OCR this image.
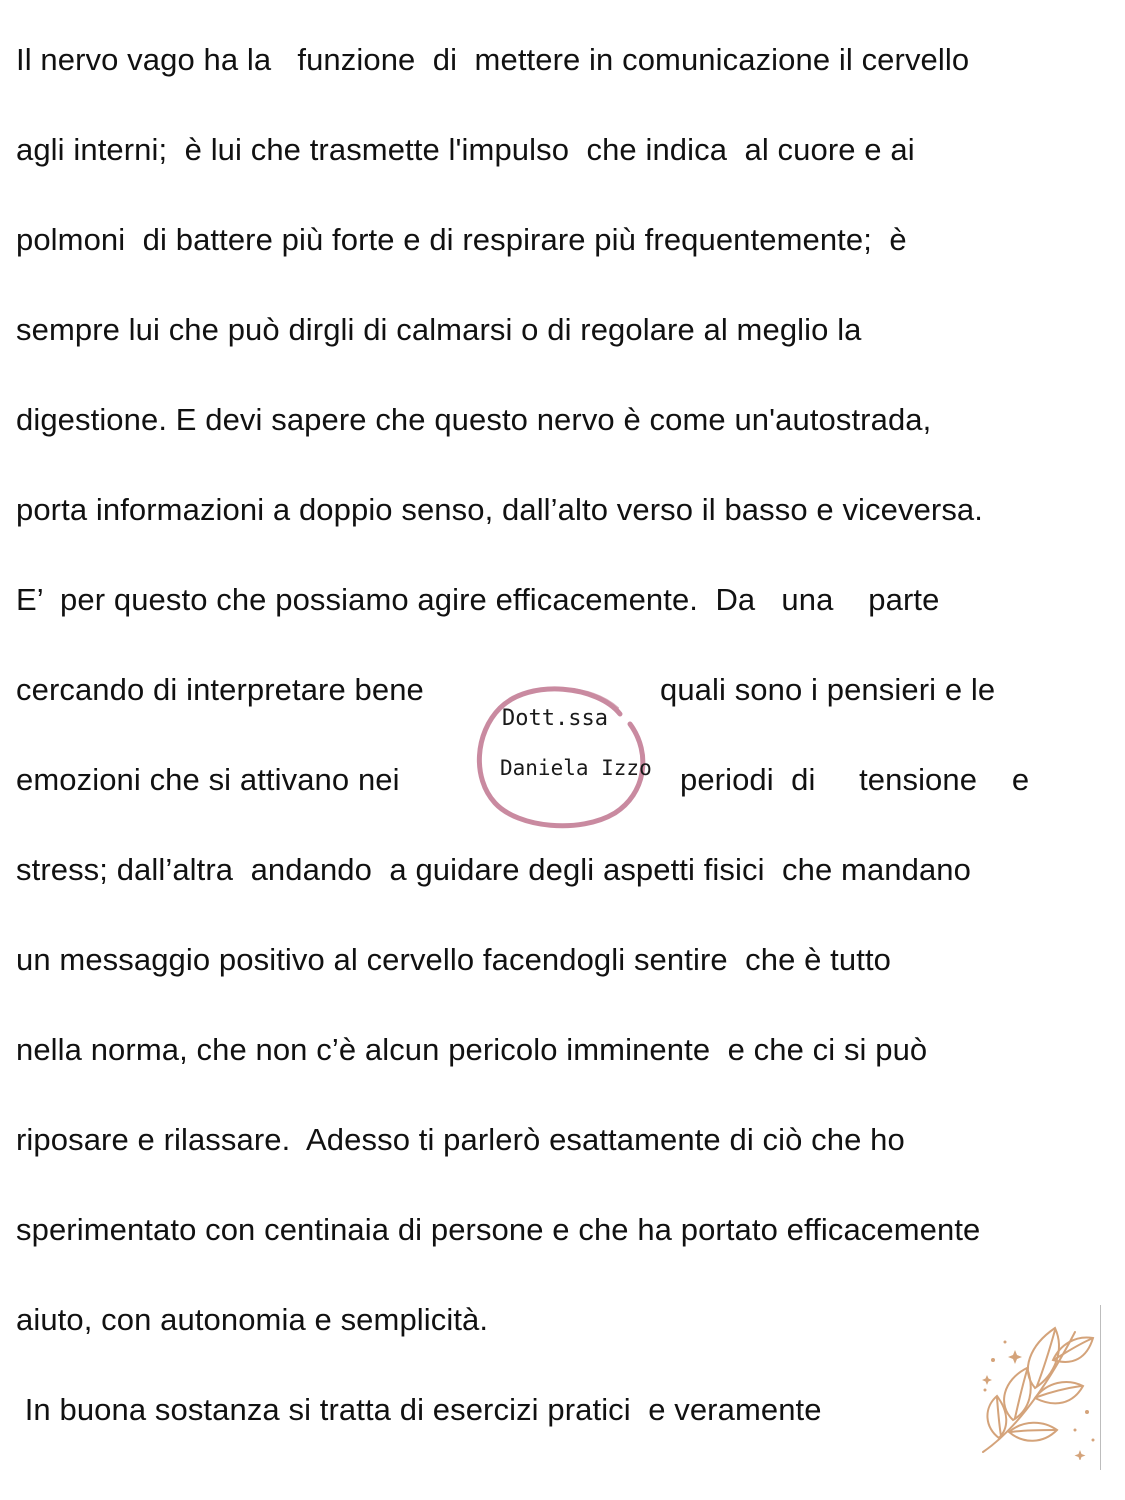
Il nervo vago ha la   funzione  di  mettere in comunicazione il cervello
agli interni;  è lui che trasmette l'impulso  che indica  al cuore e ai
polmoni  di battere più forte e di respirare più frequentemente;  è
sempre lui che può dirgli di calmarsi o di regolare al meglio la
digestione. E devi sapere che questo nervo è come un'autostrada,
porta informazioni a doppio senso, dall’alto verso il basso e viceversa.
E’  per questo che possiamo agire efficacemente.  Da   una    parte
cercando di interpretare bene	quali sono i pensieri e le
emozioni che si attivano nei	periodi  di     tensione    e
stress; dall’altra  andando  a guidare degli aspetti fisici  che mandano
un messaggio positivo al cervello facendogli sentire  che è tutto
nella norma, che non c’è alcun pericolo imminente  e che ci si può
riposare e rilassare.  Adesso ti parlerò esattamente di ciò che ho
sperimentato con centinaia di persone e che ha portato efficacemente
aiuto, con autonomia e semplicità.
In buona sostanza si tratta di esercizi pratici  e veramente
Dott.ssa
Daniela Izzo
